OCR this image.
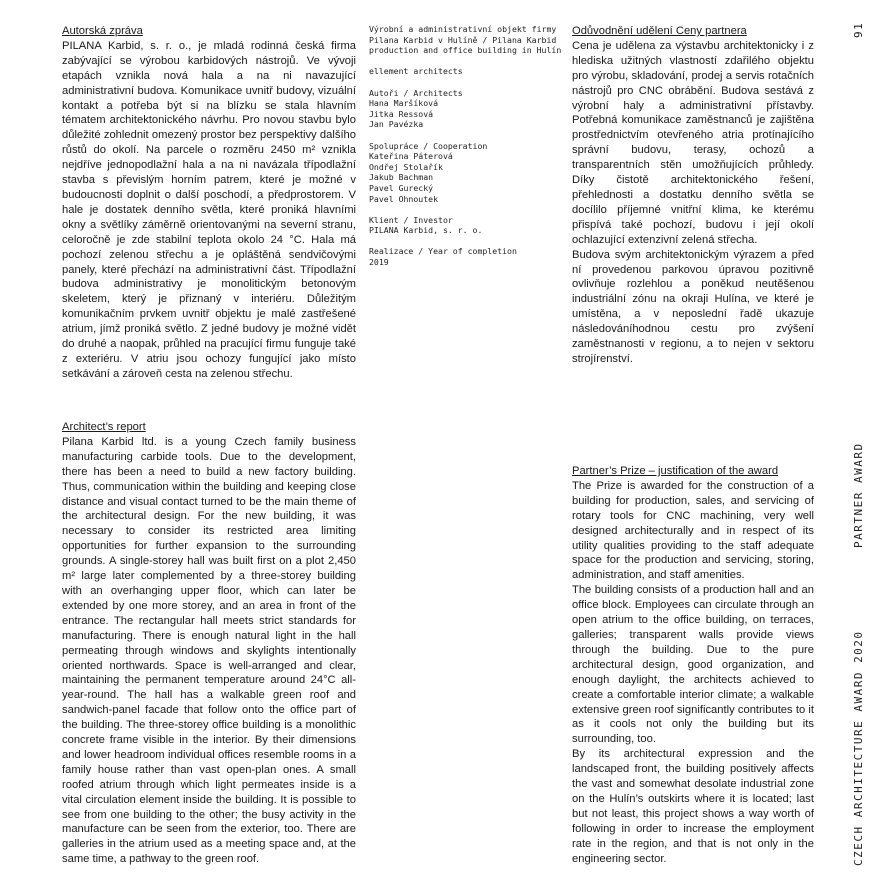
Autorská zpráva

PILANA Karbid, s. r. o., je mladá rodinná česká firma zabývající se výrobou karbidových nástrojů. Ve vývoji etapách vznikla nová hala a na ni navazující administrativní budova. Komunikace uvnitř budovy, vizuální kontakt a potřeba být si na blízku se stala hlavním tématem architektonického návrhu. Pro novou stavbu bylo důležité zohlednit omezený prostor bez perspektivy dalšího růstů do okolí. Na parcele o rozměru 2450 m² vznikla nejdříve jednopodlažní hala a na ni navázala třípodlažní stavba s převislým horním patrem, které je možné v budoucnosti doplnit o další poschodí, a předprostorem. V hale je dostatek denního světla, které proniká hlavními okny a světlíky záměrně orientovanými na severní stranu, celoročně je zde stabilní teplota okolo 24 °C. Hala má pochozí zelenou střechu a je opláštěná sendvičovými panely, které přechází na administrativní část. Třípodlažní budova administrativy je monolitickým betonovým skeletem, který je přiznaný v interiéru. Důležitým komunikačním prvkem uvnitř objektu je malé zastřešené atrium, jímž proniká světlo. Z jedné budovy je možné vidět do druhé a naopak, průhled na pracující firmu funguje také z exteriéru. V atriu jsou ochozy fungující jako místo setkávání a zároveň cesta na zelenou střechu.

Architect’s report

Pilana Karbid ltd. is a young Czech family business manufacturing carbide tools. Due to the development, there has been a need to build a new factory building. Thus, communication within the building and keeping close distance and visual contact turned to be the main theme of the architectural design. For the new building, it was necessary to consider its restricted area limiting opportunities for further expansion to the surrounding grounds. A single-storey hall was built first on a plot 2,450 m² large later complemented by a three-storey building with an overhanging upper floor, which can later be extended by one more storey, and an area in front of the entrance. The rectangular hall meets strict standards for manufacturing. There is enough natural light in the hall permeating through windows and skylights intentionally oriented northwards. Space is well-arranged and clear, maintaining the permanent temperature around 24°C all-year-round. The hall has a walkable green roof and sandwich-panel facade that follow onto the office part of the building. The three-storey office building is a monolithic concrete frame visible in the interior. By their dimensions and lower headroom individual offices resemble rooms in a family house rather than vast open-plan ones. A small roofed atrium through which light permeates inside is a vital circulation element inside the building. It is possible to see from one building to the other; the busy activity in the manufacture can be seen from the exterior, too. There are galleries in the atrium used as a meeting space and, at the same time, a pathway to the green roof.

Výrobní a administrativní objekt firmy Pilana Karbid v Hulíně / Pilana Karbid production and office building in Hulín

ellement architects

Autoři / Architects

Hana Maršíková

Jitka Ressová

Jan Pavézka

Spolupráce / Cooperation

Kateřina Páterová

Ondřej Stolařík

Jakub Bachman

Pavel Gurecký

Pavel Ohnoutek

Klient / Investor

PILANA Karbid, s. r. o.

Realizace / Year of completion

2019

Odůvodnění udělení Ceny partnera

Cena je udělena za výstavbu architektonicky i z hlediska užitných vlastností zdařilého objektu pro výrobu, skladování, prodej a servis rotačních nástrojů pro CNC obrábění. Budova sestává z výrobní haly a administrativní přístavby. Potřebná komunikace zaměstnanců je zajištěna prostřednictvím otevřeného atria protínajícího správní budovu, terasy, ochozů a transparentních stěn umožňujících průhledy. Díky čistotě architektonického řešení, přehlednosti a dostatku denního světla se docílilo příjemné vnitřní klima, ke kterému přispívá také pochozí, budovu i její okolí ochlazující extenzivní zelená střecha.

Budova svým architektonickým výrazem a před ní provedenou parkovou úpravou pozitivně ovlivňuje rozlehlou a poněkud neutěšenou industriální zónu na okraji Hulína, ve které je umístěna, a v neposlední řadě ukazuje následováníhodnou cestu pro zvýšení zaměstnanosti v regionu, a to nejen v sektoru strojírenství.

Partner’s Prize – justification of the award

The Prize is awarded for the construction of a building for production, sales, and servicing of rotary tools for CNC machining, very well designed architecturally and in respect of its utility qualities providing to the staff adequate space for the production and servicing, storing, administration, and staff amenities.

The building consists of a production hall and an office block. Employees can circulate through an open atrium to the office building, on terraces, galleries; transparent walls provide views through the building. Due to the pure architectural design, good organization, and enough daylight, the architects achieved to create a comfortable interior climate; a walkable extensive green roof significantly contributes to it as it cools not only the building but its surrounding, too.

By its architectural expression and the landscaped front, the building positively affects the vast and somewhat desolate industrial zone on the Hulín’s outskirts where it is located; last but not least, this project shows a way worth of following in order to increase the employment rate in the region, and that is not only in the engineering sector.

91
PARTNER AWARD
CZECH ARCHITECTURE AWARD 2020
